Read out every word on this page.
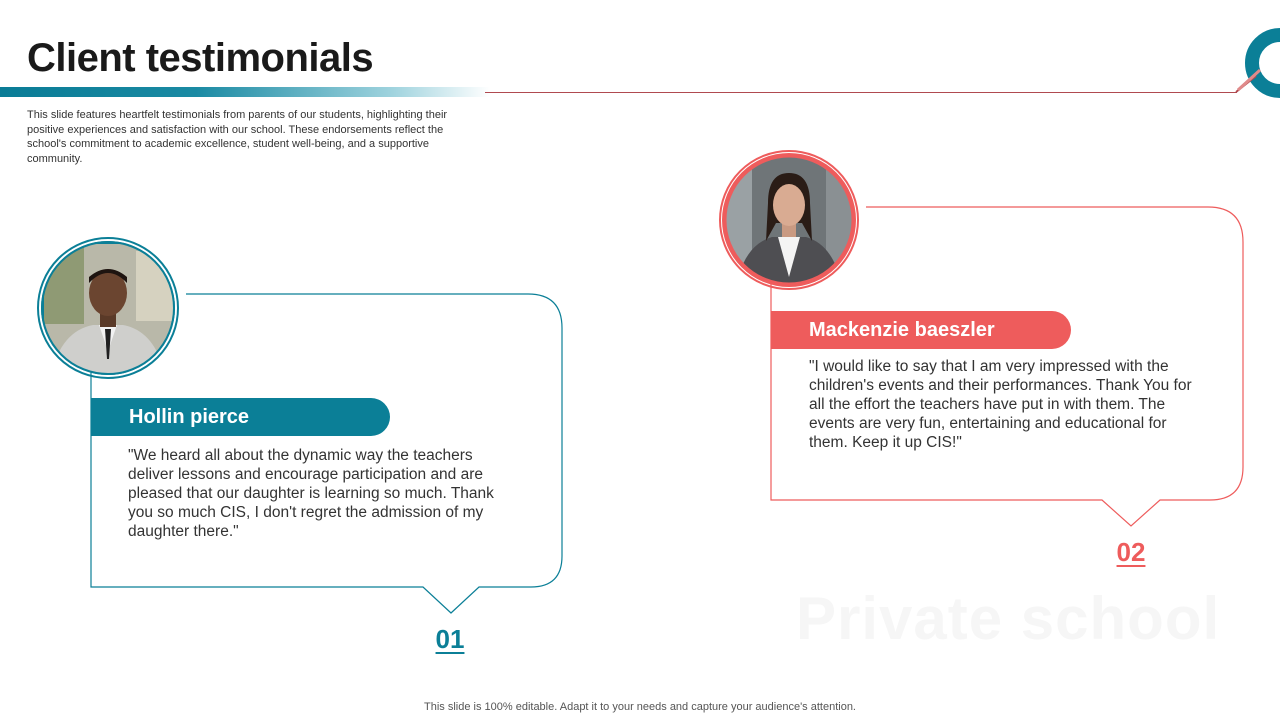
Client testimonials
This slide features heartfelt testimonials from parents of our students, highlighting their positive experiences and satisfaction with our school. These endorsements reflect the school's commitment to academic excellence, student well-being, and a supportive community.
Private school
Hollin pierce
"We heard all about the dynamic way the teachers deliver lessons and encourage participation and are pleased that our daughter is learning so much. Thank you so much CIS, I don't regret the admission of my daughter there."
01
Mackenzie baeszler
"I would like to say that I am very impressed with the children's events and their performances. Thank You for all the effort the teachers have put in with them. The events are very fun, entertaining and educational for them. Keep it up CIS!"
02
This slide is 100% editable. Adapt it to your needs and capture your audience's attention.
